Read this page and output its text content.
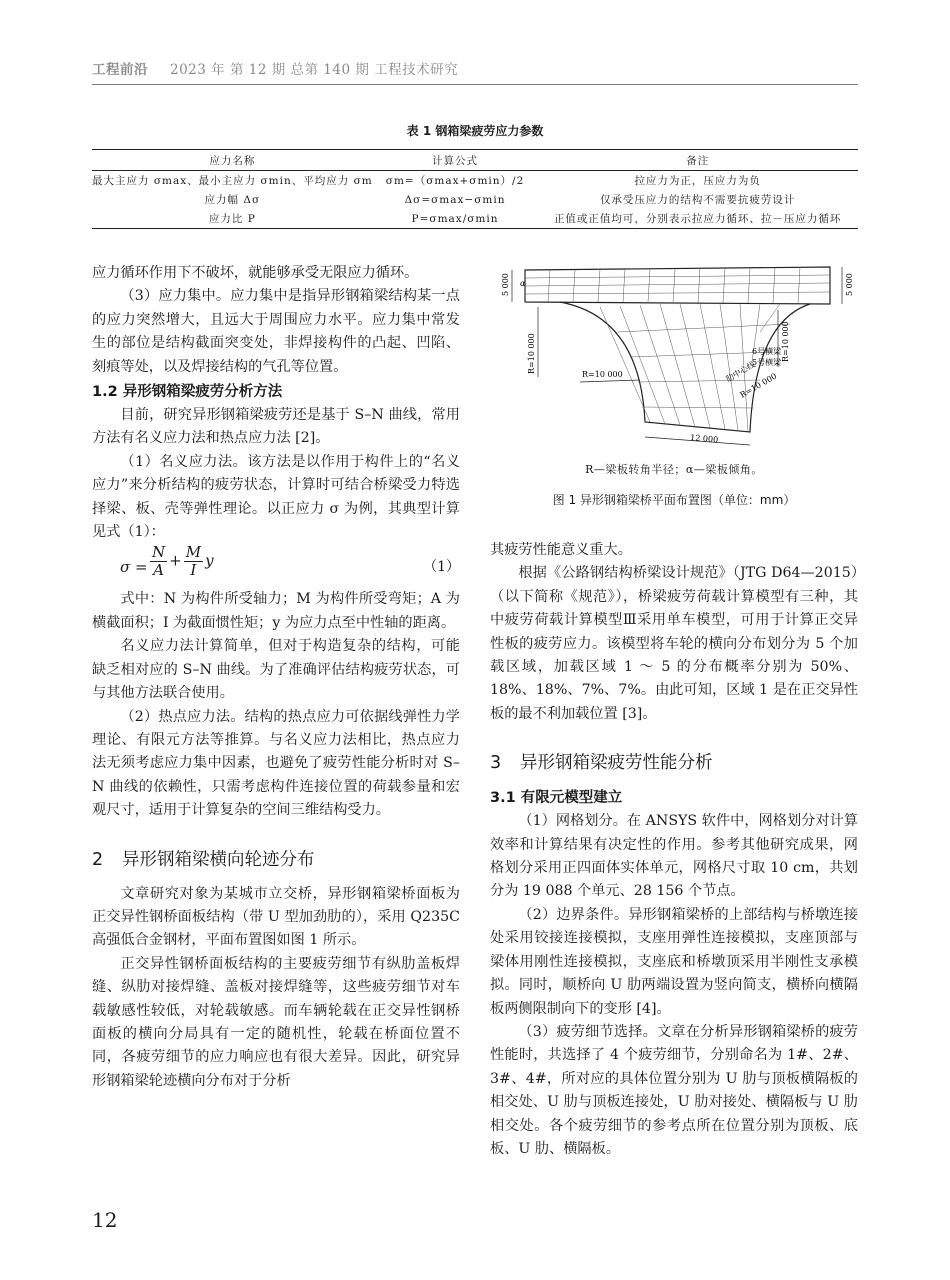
工程前沿 2023 年 第 12 期 总第 140 期 工程技术研究
表 1 钢箱梁疲劳应力参数
应力名称	计算公式	备注
最大主应力 σmax、最小主应力 σmin、平均应力 σm	σm=（σmax+σmin）/2	拉应力为正，压应力为负
应力幅 Δσ	Δσ=σmax−σmin	仅承受压应力的结构不需要抗疲劳设计
应力比 P	P=σmax/σmin	正值或正值均可，分别表示拉应力循环、拉－压应力循环

应力循环作用下不破坏，就能够承受无限应力循环。

（3）应力集中。应力集中是指异形钢箱梁结构某一点的应力突然增大，且远大于周围应力水平。应力集中常发生的部位是结构截面突变处，非焊接构件的凸起、凹陷、刻痕等处，以及焊接结构的气孔等位置。

1.2 异形钢箱梁疲劳分析方法

目前，研究异形钢箱梁疲劳还是基于 S–N 曲线，常用方法有名义应力法和热点应力法 [2]。

（1）名义应力法。该方法是以作用于构件上的“名义应力”来分析结构的疲劳状态，计算时可结合桥梁受力特选择梁、板、壳等弹性理论。以正应力 σ 为例，其典型计算见式（1）：

$\sigma = \frac{N}{A} + \frac{M}{I}$ y	（1）

式中：N 为构件所受轴力；M 为构件所受弯矩；A 为横截面积；I 为截面惯性矩；y 为应力点至中性轴的距离。

名义应力法计算简单，但对于构造复杂的结构，可能缺乏相对应的 S–N 曲线。为了准确评估结构疲劳状态，可与其他方法联合使用。

（2）热点应力法。结构的热点应力可依据线弹性力学理论、有限元方法等推算。与名义应力法相比，热点应力法无须考虑应力集中因素，也避免了疲劳性能分析时对 S–N 曲线的依赖性，只需考虑构件连接位置的荷载参量和宏观尺寸，适用于计算复杂的空间三维结构受力。

2 异形钢箱梁横向轮迹分布

文章研究对象为某城市立交桥，异形钢箱梁桥面板为正交异性钢桥面板结构（带 U 型加劲肋的），采用 Q235C 高强低合金钢材，平面布置图如图 1 所示。

正交异性钢桥面板结构的主要疲劳细节有纵肋盖板焊缝、纵肋对接焊缝、盖板对接焊缝等，这些疲劳细节对车载敏感性较低，对轮载敏感。而车辆轮载在正交异性钢桥面板的横向分局具有一定的随机性，轮载在桥面位置不同，各疲劳细节的应力响应也有很大差异。因此，研究异形钢箱梁轮迹横向分布对于分析

5 000	5 000
α
R=10 000
R=10 000
R=10 000
6号横梁
5号横梁
肋中心线
R=10 000
12 000
R—梁板转角半径；α—梁板倾角。
图 1 异形钢箱梁桥平面布置图（单位：mm）

其疲劳性能意义重大。

根据《公路钢结构桥梁设计规范》（JTG D64—2015）（以下简称《规范》），桥梁疲劳荷载计算模型有三种，其中疲劳荷载计算模型Ⅲ采用单车模型，可用于计算正交异性板的疲劳应力。该模型将车轮的横向分布划分为 5 个加载区域，加载区域 1 ～ 5 的分布概率分别为 50%、18%、18%、7%、7%。由此可知，区域 1 是在正交异性板的最不利加载位置 [3]。

3 异形钢箱梁疲劳性能分析
3.1 有限元模型建立

（1）网格划分。在 ANSYS 软件中，网格划分对计算效率和计算结果有决定性的作用。参考其他研究成果，网格划分采用正四面体实体单元，网格尺寸取 10 cm，共划分为 19 088 个单元、28 156 个节点。

（2）边界条件。异形钢箱梁桥的上部结构与桥墩连接处采用铰接连接模拟，支座用弹性连接模拟，支座顶部与梁体用刚性连接模拟，支座底和桥墩顶采用半刚性支承模拟。同时，顺桥向 U 肋两端设置为竖向简支，横桥向横隔板两侧限制向下的变形 [4]。

（3）疲劳细节选择。文章在分析异形钢箱梁桥的疲劳性能时，共选择了 4 个疲劳细节，分别命名为 1#、2#、3#、4#，所对应的具体位置分别为 U 肋与顶板横隔板的相交处、U 肋与顶板连接处，U 肋对接处、横隔板与 U 肋相交处。各个疲劳细节的参考点所在位置分别为顶板、底板、U 肋、横隔板。

12
